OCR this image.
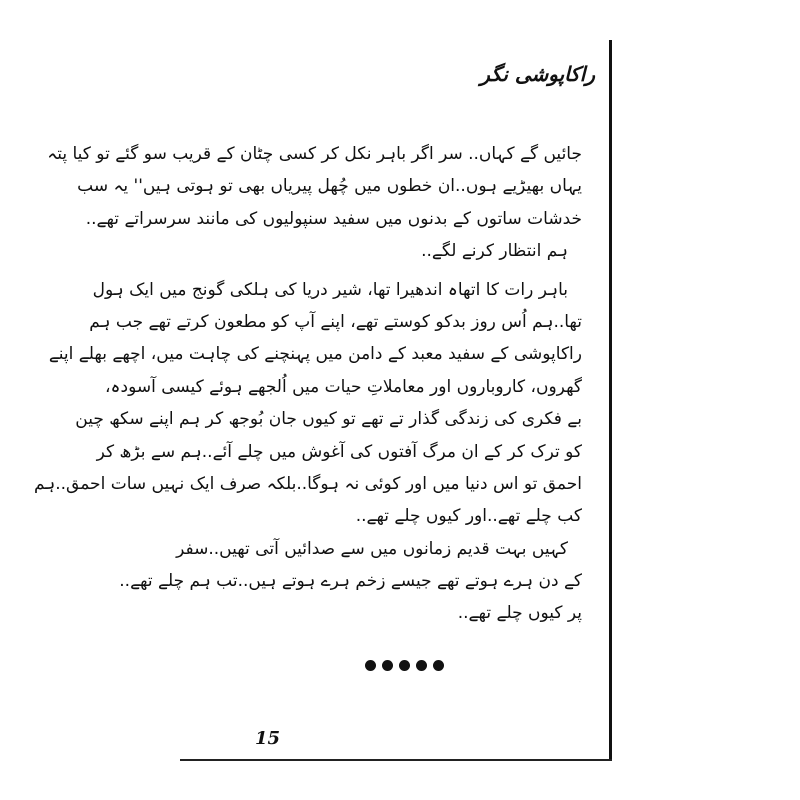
راکاپوشی نگر
جائیں گے کہاں.. سر اگر باہر نکل کر کسی چٹان کے قریب سو گئے تو کیا پتہ
یہاں بھیڑیے ہوں..ان خطوں میں چُھل پیریاں بھی تو ہوتی ہیں'' یہ سب
خدشات ساتوں کے بدنوں میں سفید سنپولیوں کی مانند سرسراتے تھے..
ہم انتظار کرنے لگے..
باہر رات کا اتھاہ اندھیرا تھا، شیر دریا کی ہلکی گونج میں ایک ہول
تھا..ہم اُس روز بدکو کوستے تھے، اپنے آپ کو مطعون کرتے تھے جب ہم
راکاپوشی کے سفید معبد کے دامن میں پہنچنے کی چاہت میں، اچھے بھلے اپنے
گھروں، کاروباروں اور معاملاتِ حیات میں اُلجھے ہوئے کیسی آسودہ،
بے فکری کی زندگی گذار تے تھے تو کیوں جان بُوجھ کر ہم اپنے سکھ چین
کو ترک کر کے ان مرگ آفتوں کی آغوش میں چلے آئے..ہم سے بڑھ کر
احمق تو اس دنیا میں اور کوئی نہ ہوگا..بلکہ صرف ایک نہیں سات احمق..ہم
کب چلے تھے..اور کیوں چلے تھے..
کہیں بہت قدیم زمانوں میں سے صدائیں آتی تھیں..سفر
کے دن ہرے ہوتے تھے جیسے زخم ہرے ہوتے ہیں..تب ہم چلے تھے..
پر کیوں چلے تھے..
15
